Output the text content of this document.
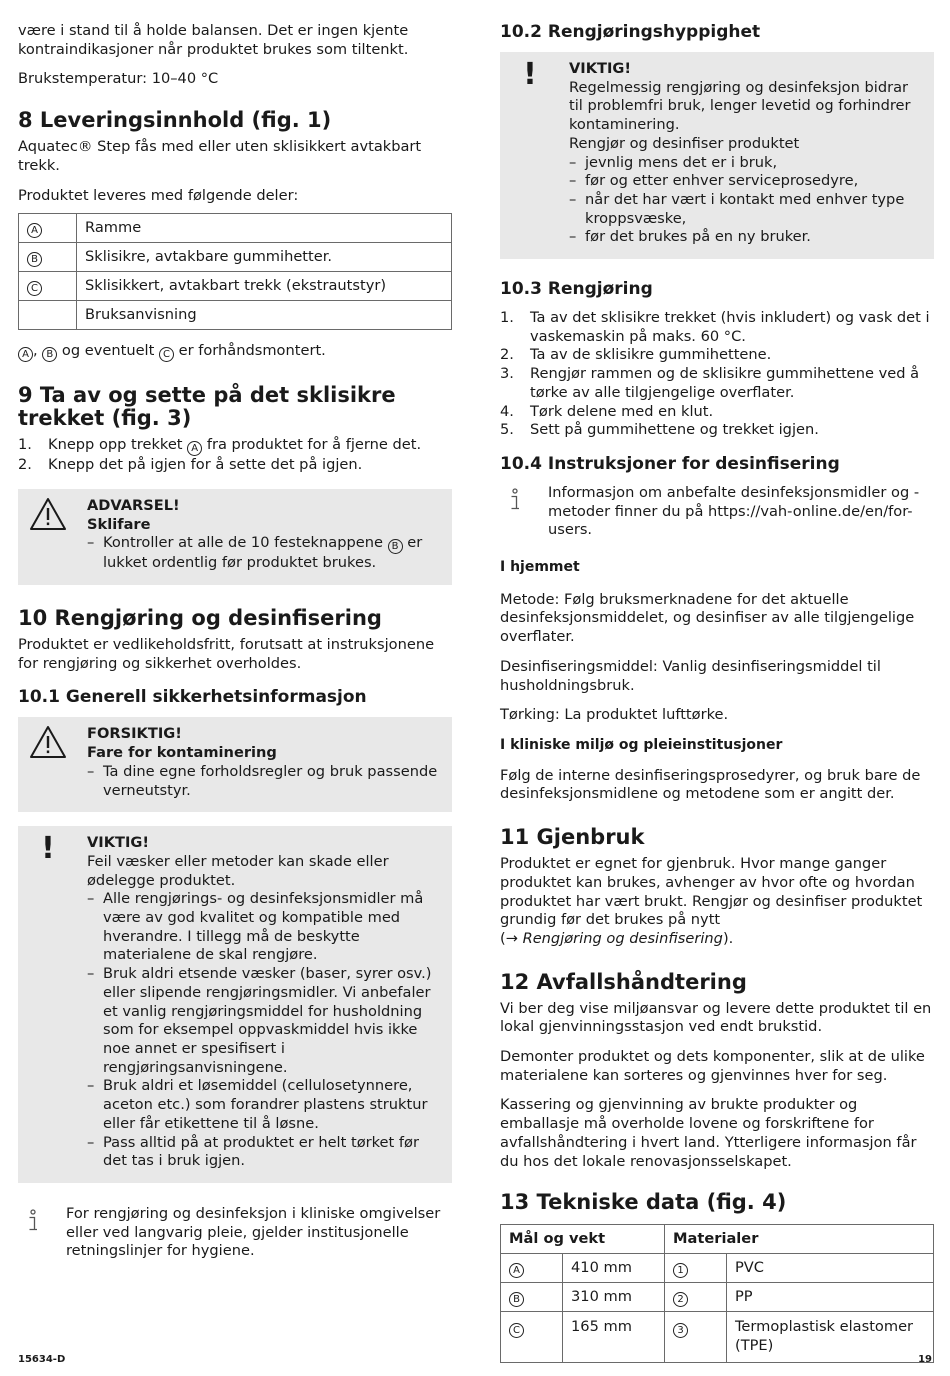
være i stand til å holde balansen. Det er ingen kjente kontraindikasjoner når produktet brukes som tiltenkt.

Brukstemperatur: 10–40 °C

8 Leveringsinnhold (fig. 1)

Aquatec® Step fås med eller uten sklisikkert avtakbart trekk.

Produktet leveres med følgende deler:

A	Ramme
B	Sklisikre, avtakbare gummihetter.
C	Sklisikkert, avtakbart trekk (ekstrautstyr)
	Bruksanvisning

A , B og eventuelt C er forhåndsmontert.

9 Ta av og sette på det sklisikre trekket (fig. 3)
1. Knepp opp trekket A fra produktet for å fjerne det.
2. Knepp det på igjen for å sette det på igjen.
ADVARSEL!
Sklifare
– Kontroller at alle de 10 festeknappene B er lukket ordentlig før produktet brukes.
10 Rengjøring og desinfisering

Produktet er vedlikeholdsfritt, forutsatt at instruksjonene for rengjøring og sikkerhet overholdes.

10.1 Generell sikkerhetsinformasjon
FORSIKTIG!
Fare for kontaminering
– Ta dine egne forholdsregler og bruk passende verneutstyr.
!	VIKTIG!
Feil væsker eller metoder kan skade eller ødelegge produktet.
– Alle rengjørings- og desinfeksjonsmidler må være av god kvalitet og kompatible med hverandre. I tillegg må de beskytte materialene de skal rengjøre.
– Bruk aldri etsende væsker (baser, syrer osv.) eller slipende rengjøringsmidler. Vi anbefaler et vanlig rengjøringsmiddel for husholdning som for eksempel oppvaskmiddel hvis ikke noe annet er spesifisert i rengjøringsanvisningene.
– Bruk aldri et løsemiddel (cellulosetynnere, aceton etc.) som forandrer plastens struktur eller får etikettene til å løsne.
– Pass alltid på at produktet er helt tørket før det tas i bruk igjen.
For rengjøring og desinfeksjon i kliniske omgivelser eller ved langvarig pleie, gjelder institusjonelle retningslinjer for hygiene.
10.2 Rengjøringshyppighet
!	VIKTIG!
Regelmessig rengjøring og desinfeksjon bidrar til problemfri bruk, lenger levetid og forhindrer kontaminering.
Rengjør og desinfiser produktet
– jevnlig mens det er i bruk,
– før og etter enhver serviceprosedyre,
– når det har vært i kontakt med enhver type kroppsvæske,
– før det brukes på en ny bruker.
10.3 Rengjøring
1. Ta av det sklisikre trekket (hvis inkludert) og vask det i vaskemaskin på maks. 60 °C.
2. Ta av de sklisikre gummihettene.
3. Rengjør rammen og de sklisikre gummihettene ved å tørke av alle tilgjengelige overflater.
4. Tørk delene med en klut.
5. Sett på gummihettene og trekket igjen.
10.4 Instruksjoner for desinfisering
Informasjon om anbefalte desinfeksjonsmidler og -metoder finner du på https://vah-online.de/en/for-users.
I hjemmet

Metode: Følg bruksmerknadene for det aktuelle desinfeksjonsmiddelet, og desinfiser av alle tilgjengelige overflater.

Desinfiseringsmiddel: Vanlig desinfiseringsmiddel til husholdningsbruk.

Tørking: La produktet lufttørke.

I kliniske miljø og pleieinstitusjoner

Følg de interne desinfiseringsprosedyrer, og bruk bare de desinfeksjonsmidlene og metodene som er angitt der.

11 Gjenbruk

Produktet er egnet for gjenbruk. Hvor mange ganger produktet kan brukes, avhenger av hvor ofte og hvordan produktet har vært brukt. Rengjør og desinfiser produktet grundig før det brukes på nytt
(→ Rengjøring og desinfisering).

12 Avfallshåndtering

Vi ber deg vise miljøansvar og levere dette produktet til en lokal gjenvinningsstasjon ved endt brukstid.

Demonter produktet og dets komponenter, slik at de ulike materialene kan sorteres og gjenvinnes hver for seg.

Kassering og gjenvinning av brukte produkter og emballasje må overholde lovene og forskriftene for avfallshåndtering i hvert land. Ytterligere informasjon får du hos det lokale renovasjonsselskapet.

13 Tekniske data (fig. 4)
Mål og vekt		Materialer	
A	410 mm	1	PVC
B	310 mm	2	PP
C	165 mm	3	Termoplastisk elastomer (TPE)
15634-D	19
